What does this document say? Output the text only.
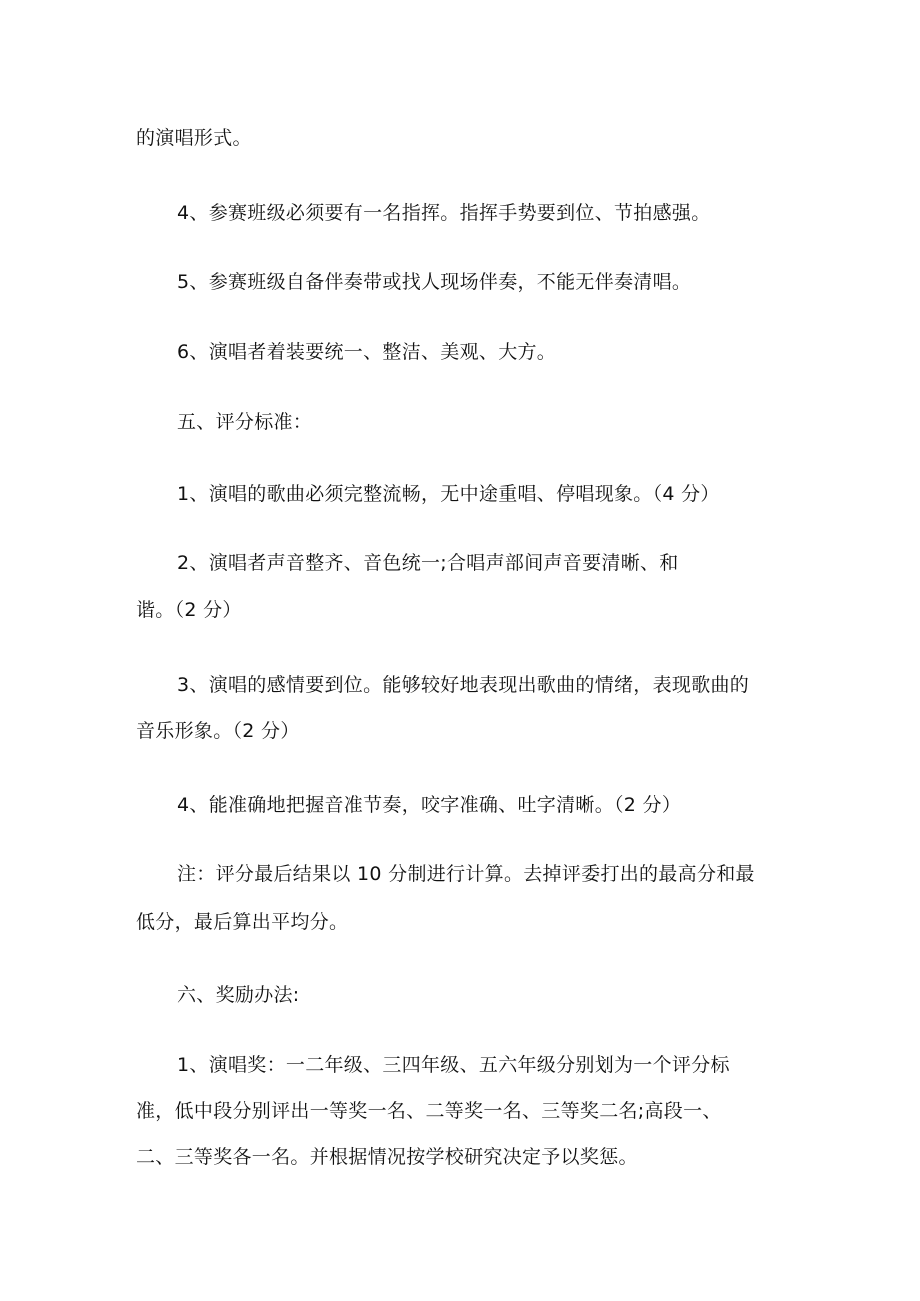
的演唱形式。

4、参赛班级必须要有一名指挥。指挥手势要到位、节拍感强。

5、参赛班级自备伴奏带或找人现场伴奏，不能无伴奏清唱。

6、演唱者着装要统一、整洁、美观、大方。

五、评分标准：

1、演唱的歌曲必须完整流畅，无中途重唱、停唱现象。（4 分）

2、演唱者声音整齐、音色统一;合唱声部间声音要清晰、和

谐。（2 分）

3、演唱的感情要到位。能够较好地表现出歌曲的情绪，表现歌曲的

音乐形象。（2 分）

4、能准确地把握音准节奏，咬字准确、吐字清晰。（2 分）

注：评分最后结果以 10 分制进行计算。去掉评委打出的最高分和最

低分，最后算出平均分。

六、奖励办法:

1、演唱奖：一二年级、三四年级、五六年级分别划为一个评分标

准，低中段分别评出一等奖一名、二等奖一名、三等奖二名;高段一、

二、三等奖各一名。并根据情况按学校研究决定予以奖惩。
